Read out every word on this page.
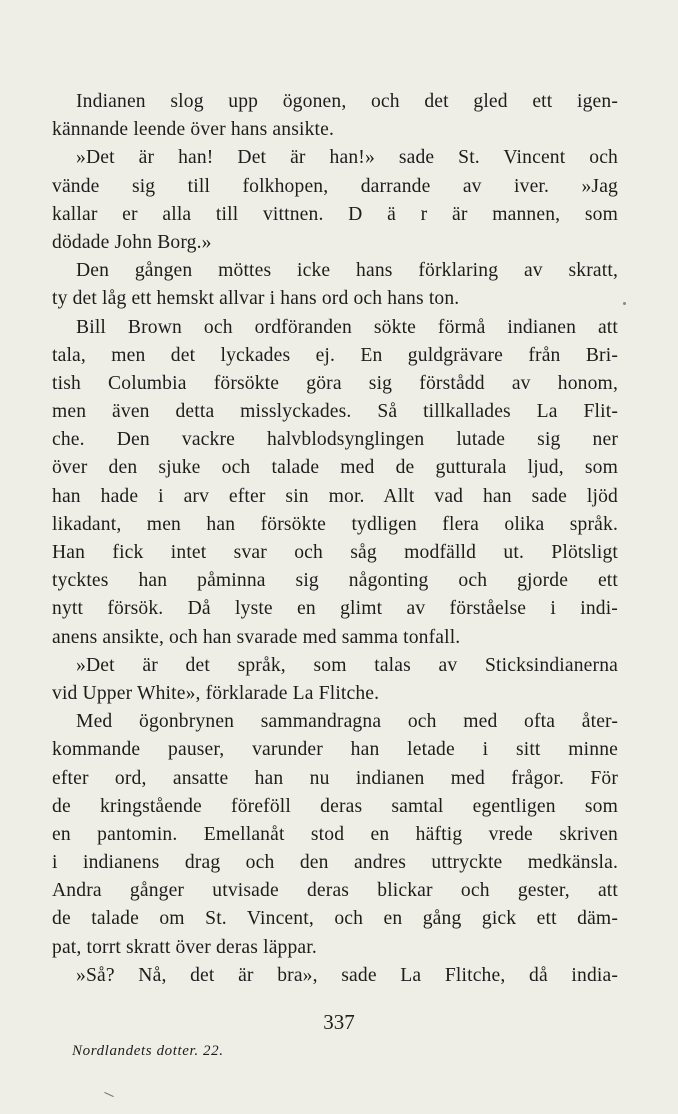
Indianen slog upp ögonen, och det gled ett igen-
kännande leende över hans ansikte.
»Det är han! Det är han!» sade St. Vincent och
vände sig till folkhopen, darrande av iver. »Jag
kallar er alla till vittnen. D ä r är mannen, som
dödade John Borg.»
Den gången möttes icke hans förklaring av skratt,
ty det låg ett hemskt allvar i hans ord och hans ton.
Bill Brown och ordföranden sökte förmå indianen att
tala, men det lyckades ej. En guldgrävare från Bri-
tish Columbia försökte göra sig förstådd av honom,
men även detta misslyckades. Så tillkallades La Flit-
che. Den vackre halvblodsynglingen lutade sig ner
över den sjuke och talade med de gutturala ljud, som
han hade i arv efter sin mor. Allt vad han sade ljöd
likadant, men han försökte tydligen flera olika språk.
Han fick intet svar och såg modfälld ut. Plötsligt
tycktes han påminna sig någonting och gjorde ett
nytt försök. Då lyste en glimt av förståelse i indi-
anens ansikte, och han svarade med samma tonfall.
»Det är det språk, som talas av Sticksindianerna
vid Upper White», förklarade La Flitche.
Med ögonbrynen sammandragna och med ofta åter-
kommande pauser, varunder han letade i sitt minne
efter ord, ansatte han nu indianen med frågor. För
de kringstående föreföll deras samtal egentligen som
en pantomin. Emellanåt stod en häftig vrede skriven
i indianens drag och den andres uttryckte medkänsla.
Andra gånger utvisade deras blickar och gester, att
de talade om St. Vincent, och en gång gick ett däm-
pat, torrt skratt över deras läppar.
»Så? Nå, det är bra», sade La Flitche, då india-
337
Nordlandets dotter. 22.
